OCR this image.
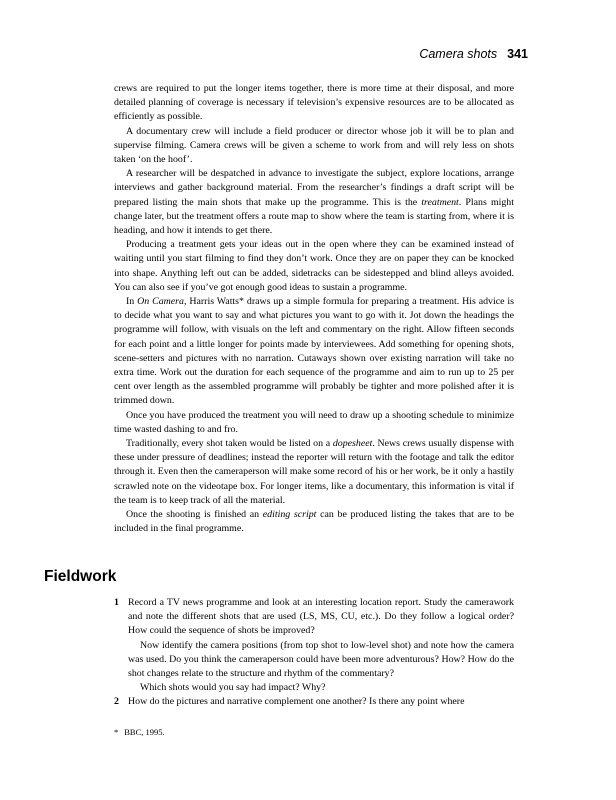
Camera shots 341

crews are required to put the longer items together, there is more time at their disposal, and more detailed planning of coverage is necessary if television’s expensive resources are to be allocated as efficiently as possible.

A documentary crew will include a field producer or director whose job it will be to plan and supervise filming. Camera crews will be given a scheme to work from and will rely less on shots taken ‘on the hoof’.

A researcher will be despatched in advance to investigate the subject, explore locations, arrange interviews and gather background material. From the researcher’s findings a draft script will be prepared listing the main shots that make up the programme. This is the treatment. Plans might change later, but the treatment offers a route map to show where the team is starting from, where it is heading, and how it intends to get there.

Producing a treatment gets your ideas out in the open where they can be examined instead of waiting until you start filming to find they don’t work. Once they are on paper they can be knocked into shape. Anything left out can be added, sidetracks can be sidestepped and blind alleys avoided. You can also see if you’ve got enough good ideas to sustain a programme.

In On Camera, Harris Watts* draws up a simple formula for preparing a treatment. His advice is to decide what you want to say and what pictures you want to go with it. Jot down the headings the programme will follow, with visuals on the left and commentary on the right. Allow fifteen seconds for each point and a little longer for points made by interviewees. Add something for opening shots, scene-setters and pictures with no narration. Cutaways shown over existing narration will take no extra time. Work out the duration for each sequence of the programme and aim to run up to 25 per cent over length as the assembled programme will probably be tighter and more polished after it is trimmed down.

Once you have produced the treatment you will need to draw up a shooting schedule to minimize time wasted dashing to and fro.

Traditionally, every shot taken would be listed on a dopesheet. News crews usually dispense with these under pressure of deadlines; instead the reporter will return with the footage and talk the editor through it. Even then the cameraperson will make some record of his or her work, be it only a hastily scrawled note on the videotape box. For longer items, like a documentary, this information is vital if the team is to keep track of all the material.

Once the shooting is finished an editing script can be produced listing the takes that are to be included in the final programme.

Fieldwork
1 Record a TV news programme and look at an interesting location report. Study the camerawork and note the different shots that are used (LS, MS, CU, etc.). Do they follow a logical order? How could the sequence of shots be improved?

Now identify the camera positions (from top shot to low-level shot) and note how the camera was used. Do you think the cameraperson could have been more adventurous? How? How do the shot changes relate to the structure and rhythm of the commentary?

Which shots would you say had impact? Why?

2 How do the pictures and narrative complement one another? Is there any point where

* BBC, 1995.
